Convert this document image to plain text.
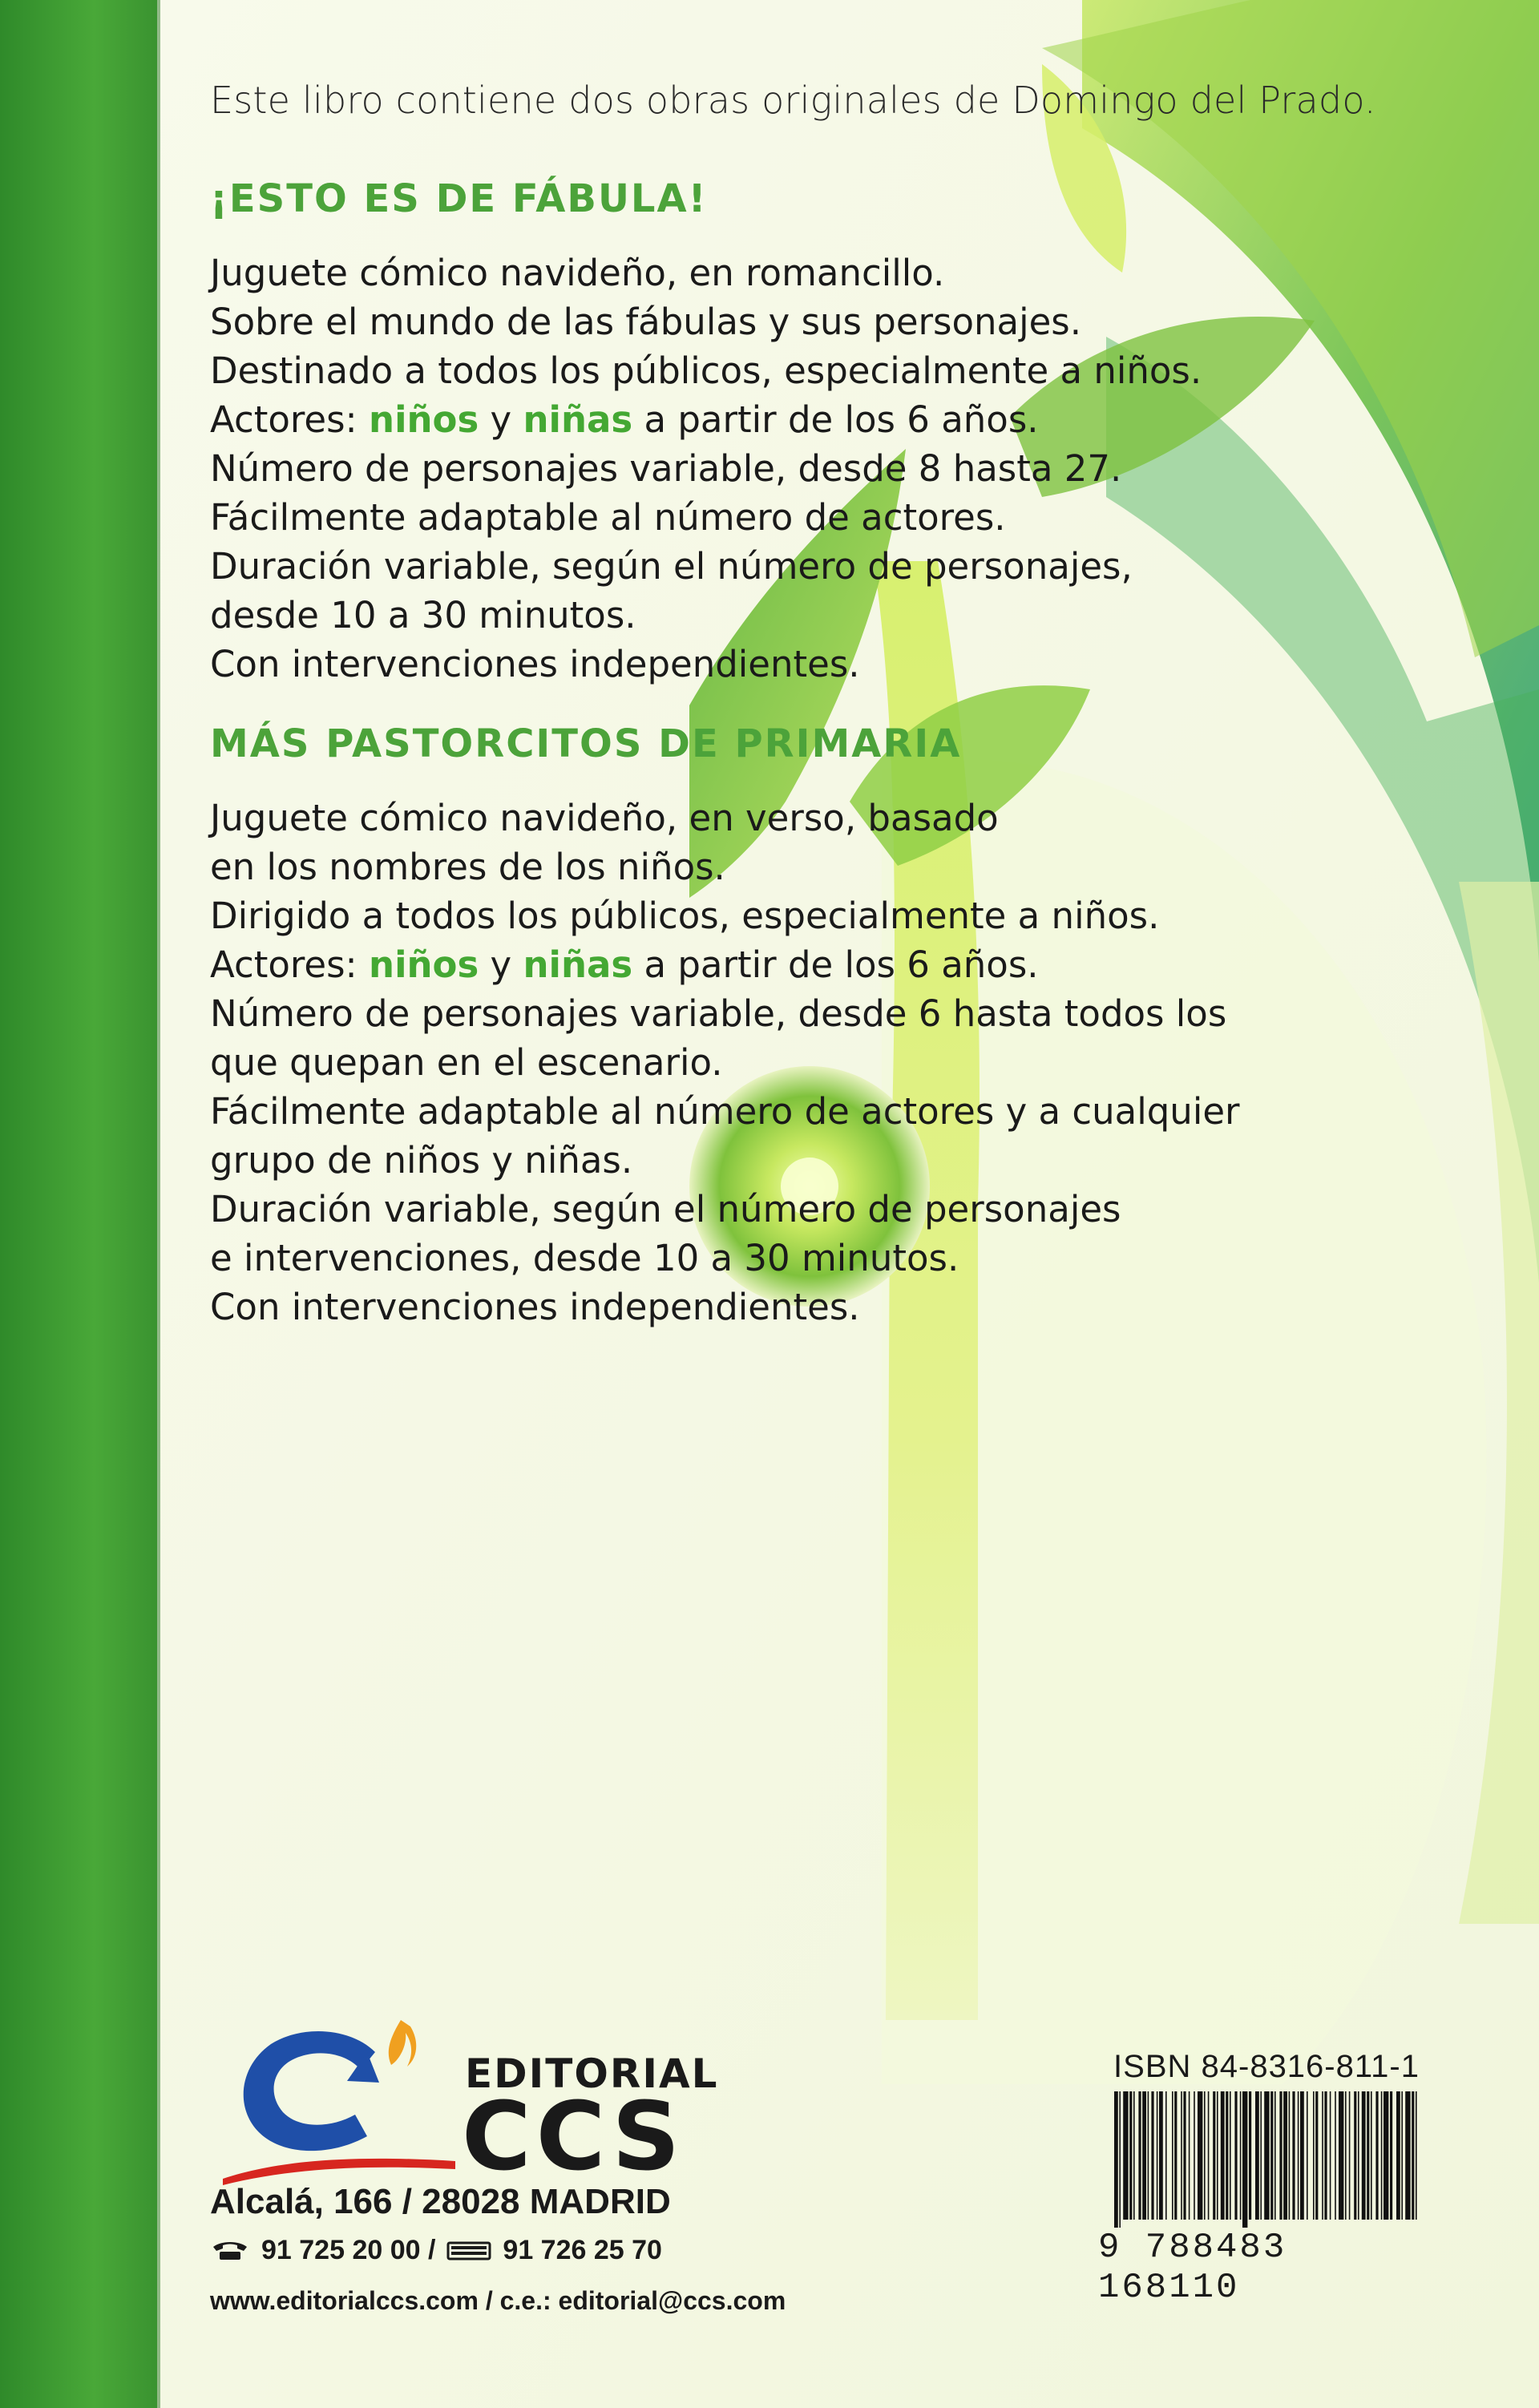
Este libro contiene dos obras originales de Domingo del Prado.
¡ESTO ES DE FÁBULA!
Juguete cómico navideño, en romancillo.
Sobre el mundo de las fábulas y sus personajes.
Destinado a todos los públicos, especialmente a niños.
Actores: niños y niñas a partir de los 6 años.
Número de personajes variable, desde 8 hasta 27.
Fácilmente adaptable al número de actores.
Duración variable, según el número de personajes,
desde 10 a 30 minutos.
Con intervenciones independientes.
MÁS PASTORCITOS DE PRIMARIA
Juguete cómico navideño, en verso, basado
en los nombres de los niños.
Dirigido a todos los públicos, especialmente a niños.
Actores: niños y niñas a partir de los 6 años.
Número de personajes variable, desde 6 hasta todos los
que quepan en el escenario.
Fácilmente adaptable al número de actores y a cualquier
grupo de niños y niñas.
Duración variable, según el número de personajes
e intervenciones, desde 10 a 30 minutos.
Con intervenciones independientes.
EDITORIAL
CCS
Alcalá, 166 / 28028 MADRID
91 725 20 00 / 91 726 25 70
www.editorialccs.com / c.e.: editorial@ccs.com
ISBN 84-8316-811-1
9 788483 168110
